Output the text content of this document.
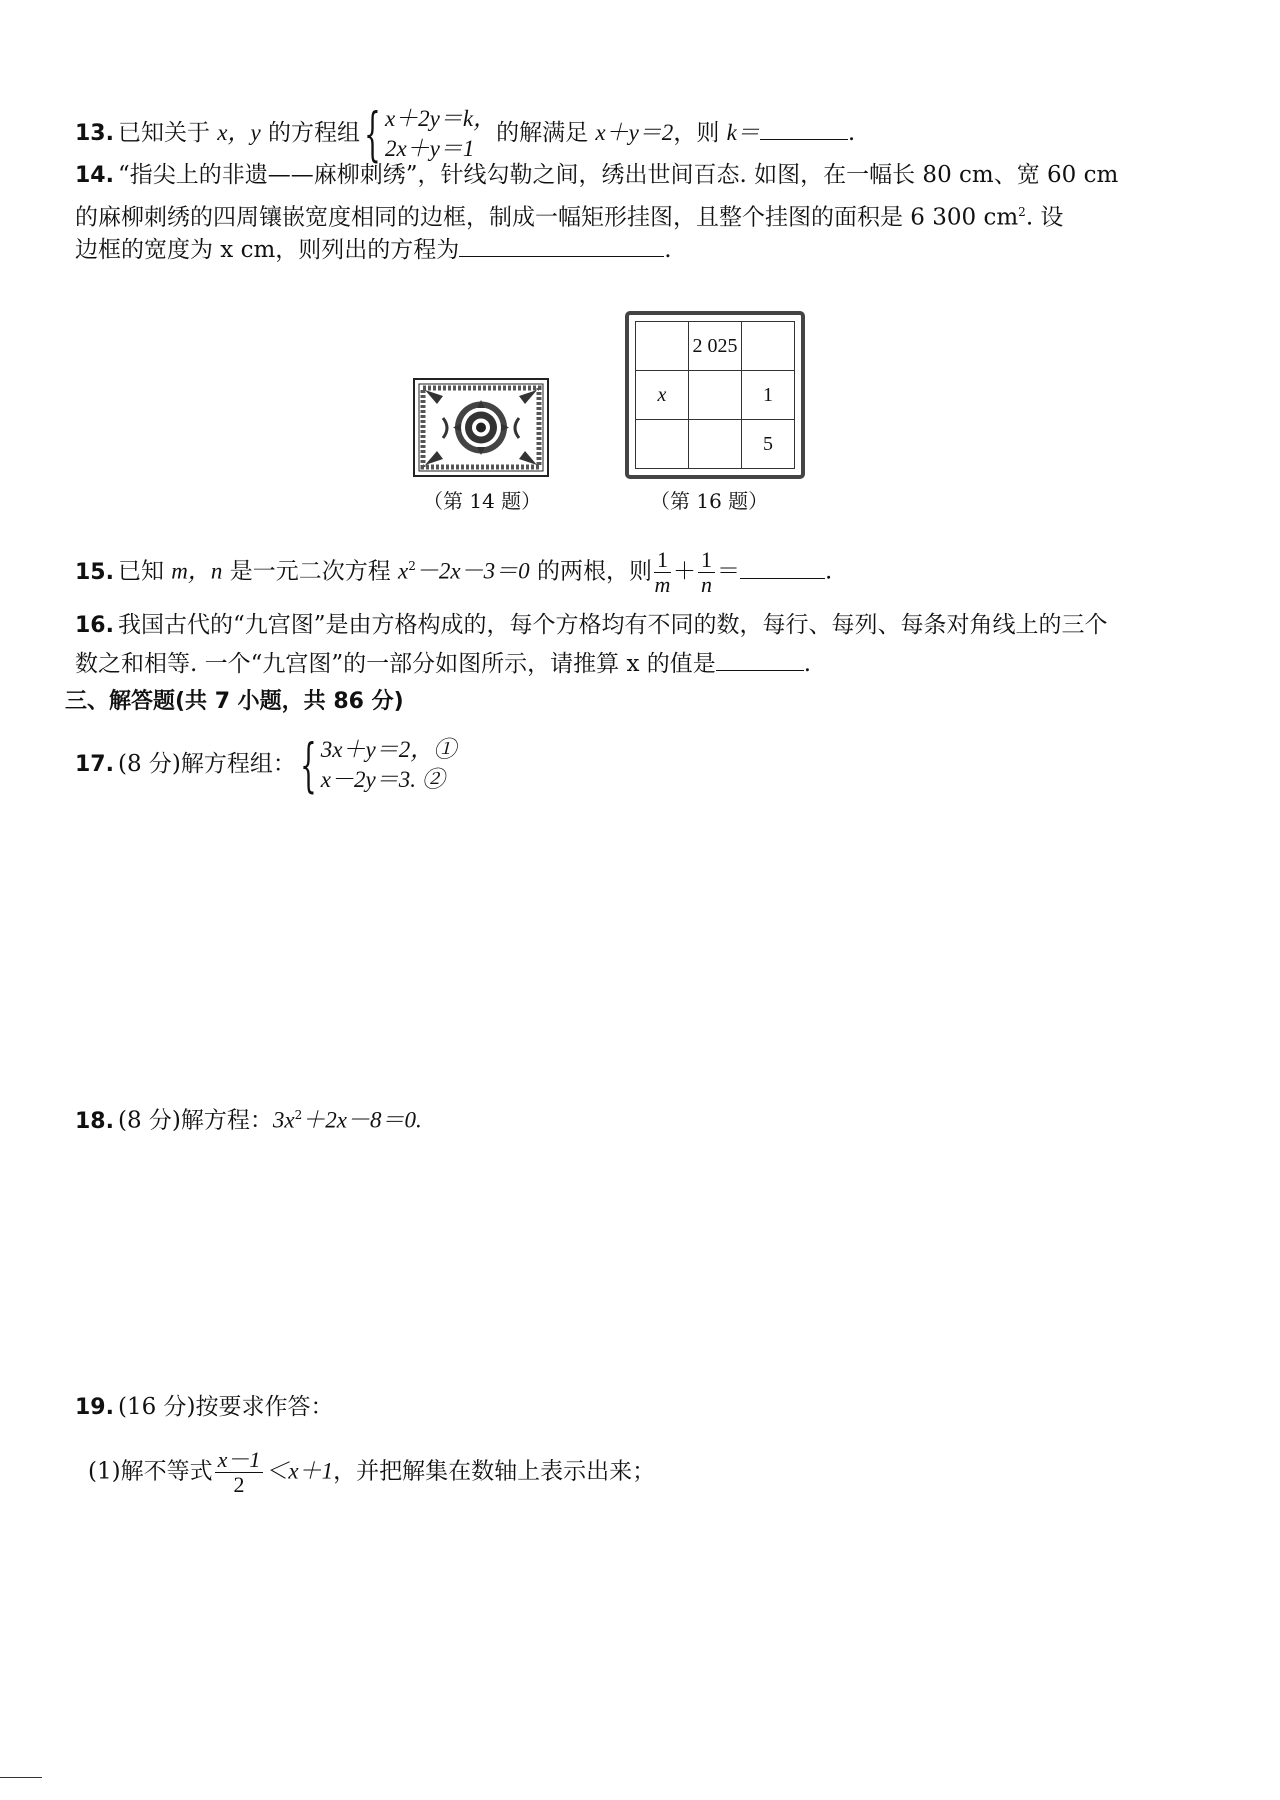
13. 已知关于 x，y 的方程组 { x＋2y＝k，
2x＋y＝1
的解满足 x＋y＝2，则 k＝	.
14. “指尖上的非遗——麻柳刺绣”，针线勾勒之间，绣出世间百态. 如图，在一幅长 80 cm、宽 60 cm
的麻柳刺绣的四周镶嵌宽度相同的边框，制成一幅矩形挂图，且整个挂图的面积是 6 300 $cm^2$. 设
边框的宽度为 x cm，则列出的方程为	.
（第 14 题）
	2 025	
x		1
		5
（第 16 题）
15. 已知 m，n 是一元二次方程 $x^2-2x-3=0$ 的两根，则 $\frac{1}{m} + \frac{1}{n}$ ＝	.
16. 我国古代的“九宫图”是由方格构成的，每个方格均有不同的数，每行、每列、每条对角线上的三个
数之和相等. 一个“九宫图”的一部分如图所示，请推算 x 的值是	.
三、解答题(共 7 小题，共 86 分)
17. (8 分)解方程组： { 3x＋y＝2，①
x－2y＝3. ②
18. (8 分)解方程：$3x^2+2x-8=0$.
19. (16 分)按要求作答：
(1)解不等式 $\frac{x-1}{2} <x+1$，并把解集在数轴上表示出来；
